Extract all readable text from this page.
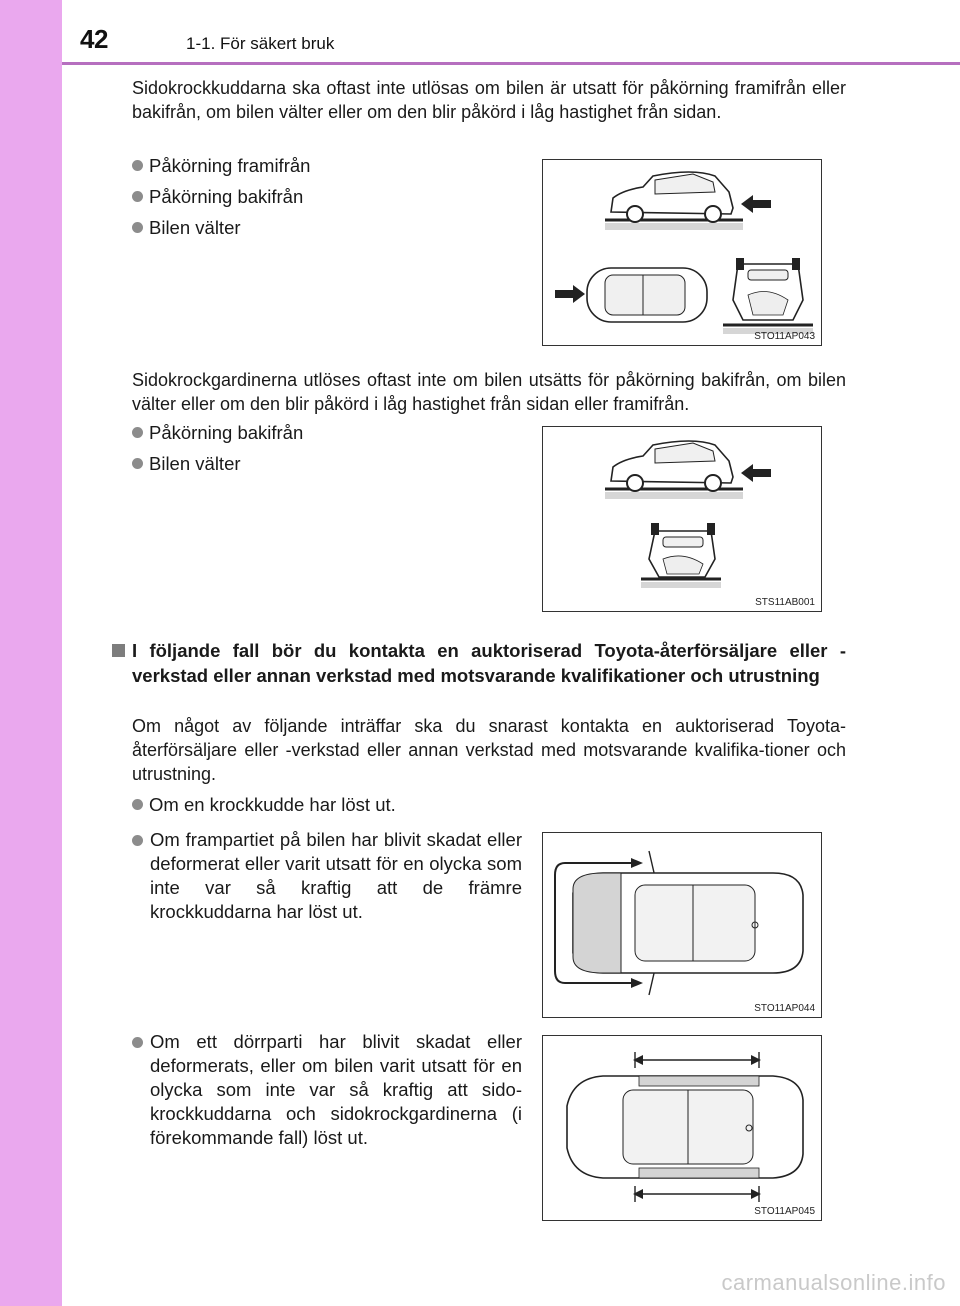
42	1-1. För säkert bruk

Sidokrockkuddarna ska oftast inte utlösas om bilen är utsatt för påkörning framifrån eller bakifrån, om bilen välter eller om den blir påkörd i låg hastighet från sidan.

Påkörning framifrån
Påkörning bakifrån
Bilen välter
STO11AP043

Sidokrockgardinerna utlöses oftast inte om bilen utsätts för påkörning bakifrån, om bilen välter eller om den blir påkörd i låg hastighet från sidan eller framifrån.

Påkörning bakifrån
Bilen välter
STS11AB001

I följande fall bör du kontakta en auktoriserad Toyota-återförsäljare eller -verkstad eller annan verkstad med motsvarande kvalifikationer och utrustning

Om något av följande inträffar ska du snarast kontakta en auktoriserad Toyota-återförsäljare eller -verkstad eller annan verkstad med motsvarande kvalifika-tioner och utrustning.

Om en krockkudde har löst ut.
Om frampartiet på bilen har blivit skadat eller deformerat eller varit utsatt för en olycka som inte var så kraftig att de främre krockkuddarna har löst ut.
STO11AP044
Om ett dörrparti har blivit skadat eller deformerats, eller om bilen varit utsatt för en olycka som inte var så kraftig att sido-krockkuddarna och sidokrockgardinerna (i förekommande fall) löst ut.
STO11AP045
carmanualsonline.info
